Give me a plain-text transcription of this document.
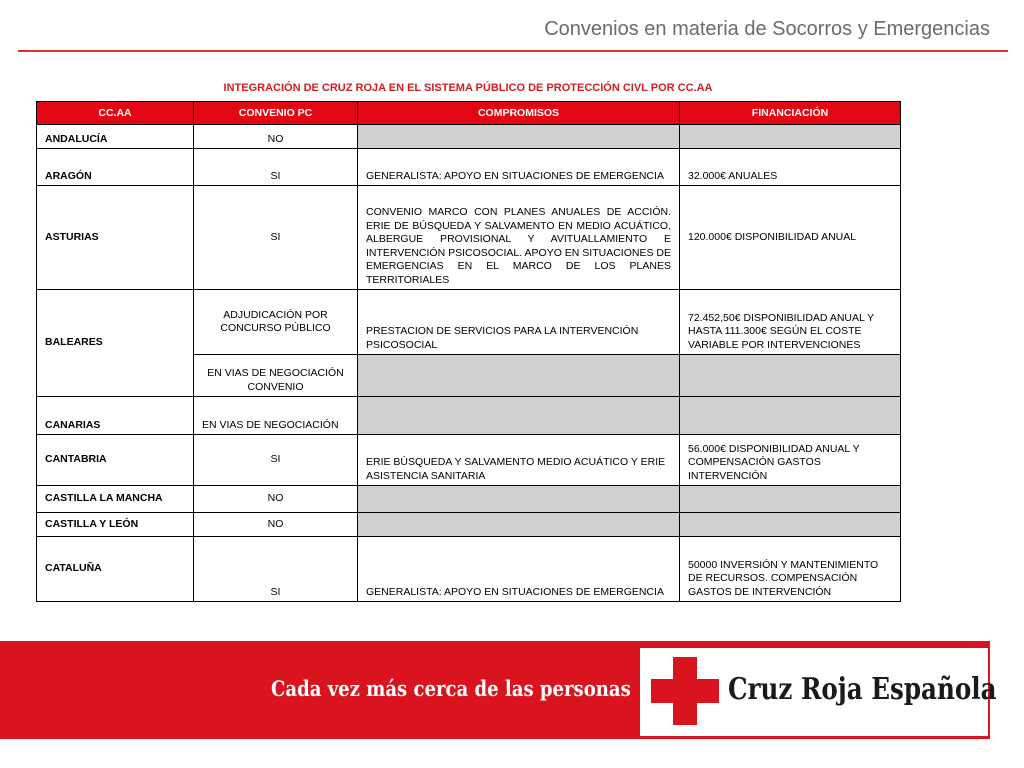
Convenios en materia de Socorros y Emergencias
INTEGRACIÓN DE CRUZ ROJA EN EL SISTEMA PÚBLICO DE PROTECCIÓN CIVL POR CC.AA
CC.AA	CONVENIO PC	COMPROMISOS	FINANCIACIÓN
ANDALUCÍA	NO		
ARAGÓN	SI	GENERALISTA: APOYO EN SITUACIONES DE EMERGENCIA	32.000€ ANUALES
ASTURIAS	SI	CONVENIO MARCO CON PLANES ANUALES DE ACCIÓN. ERIE DE BÚSQUEDA Y SALVAMENTO EN MEDIO ACUÁTICO, ALBERGUE PROVISIONAL Y AVITUALLAMIENTO E INTERVENCIÓN PSICOSOCIAL. APOYO EN SITUACIONES DE EMERGENCIAS EN EL MARCO DE LOS PLANES TERRITORIALES	120.000€ DISPONIBILIDAD ANUAL
BALEARES	ADJUDICACIÓN POR CONCURSO PÚBLICO	PRESTACION DE SERVICIOS PARA LA INTERVENCIÓN PSICOSOCIAL	72.452,50€ DISPONIBILIDAD ANUAL Y HASTA 111.300€ SEGÚN EL COSTE VARIABLE POR INTERVENCIONES
	EN VIAS DE NEGOCIACIÓN CONVENIO		
CANARIAS	EN VIAS DE NEGOCIACIÓN		
CANTABRIA	SI	ERIE BÚSQUEDA Y SALVAMENTO MEDIO ACUÁTICO Y ERIE ASISTENCIA SANITARIA	56.000€ DISPONIBILIDAD ANUAL Y COMPENSACIÓN GASTOS INTERVENCIÓN
CASTILLA LA MANCHA	NO		
CASTILLA Y LEÓN	NO		
CATALUÑA	SI	GENERALISTA: APOYO EN SITUACIONES DE EMERGENCIA	50000 INVERSIÓN Y MANTENIMIENTO DE RECURSOS. COMPENSACIÓN GASTOS DE INTERVENCIÓN
Cada vez más cerca de las personas	Cruz Roja Española
